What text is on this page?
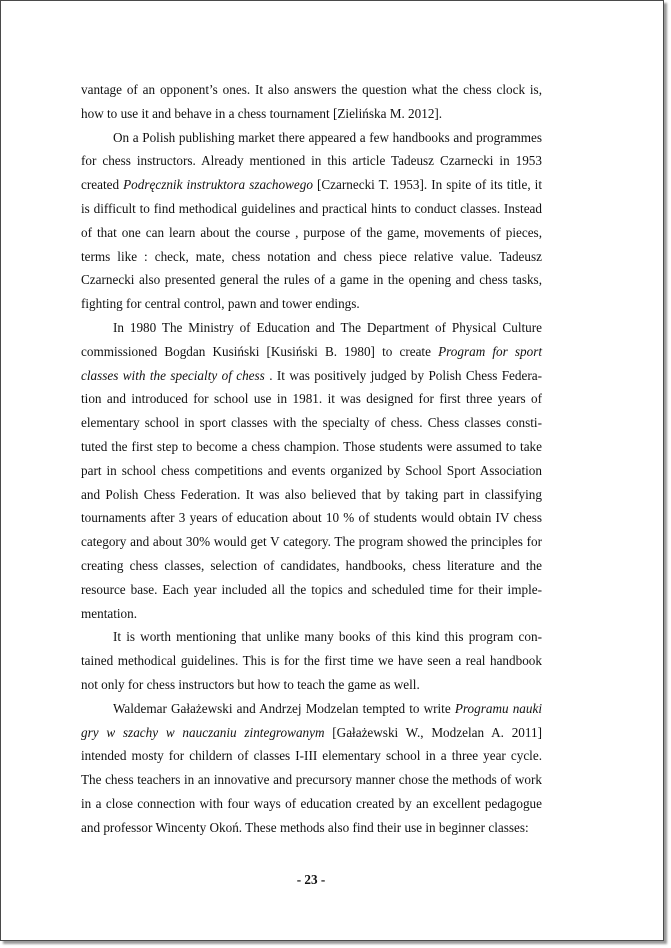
vantage of an opponent’s ones. It also answers the question what the chess clock is, how to use it and behave in a chess tournament [Zielińska M. 2012].

On a Polish publishing market there appeared a few handbooks and programmes for chess instructors. Already mentioned in this article Tadeusz Czarnecki in 1953 created Podręcznik instruktora szachowego [Czarnecki T. 1953]. In spite of its title, it is difficult to find methodical guidelines and practical hints to conduct classes. Instead of that one can learn about the course , purpose of the game, movements of pieces, terms like : check, mate, chess notation and chess piece relative value. Tadeusz Czarnecki also presented general the rules of a game in the opening and chess tasks, fighting for central control, pawn and tower endings.

In 1980 The Ministry of Education and The Department of Physical Culture commissioned Bogdan Kusiński [Kusiński B. 1980] to create Program for sport classes with the specialty of chess . It was positively judged by Polish Chess Federation and introduced for school use in 1981. it was designed for first three years of elementary school in sport classes with the specialty of chess. Chess classes constituted the first step to become a chess champion. Those students were assumed to take part in school chess competitions and events organized by School Sport Association and Polish Chess Federation. It was also believed that by taking part in classifying tournaments after 3 years of education about 10 % of students would obtain IV chess category and about 30% would get V category. The program showed the principles for creating chess classes, selection of candidates, handbooks, chess literature and the resource base. Each year included all the topics and scheduled time for their implementation.

It is worth mentioning that unlike many books of this kind this program contained methodical guidelines. This is for the first time we have seen a real handbook not only for chess instructors but how to teach the game as well.

Waldemar Gałażewski and Andrzej Modzelan tempted to write Programu nauki gry w szachy w nauczaniu zintegrowanym [Gałażewski W., Modzelan A. 2011] intended mosty for childern of classes I-III elementary school in a three year cycle. The chess teachers in an innovative and precursory manner chose the methods of work in a close connection with four ways of education created by an excellent pedagogue and professor Wincenty Okoń. These methods also find their use in beginner classes:

- 23 -
